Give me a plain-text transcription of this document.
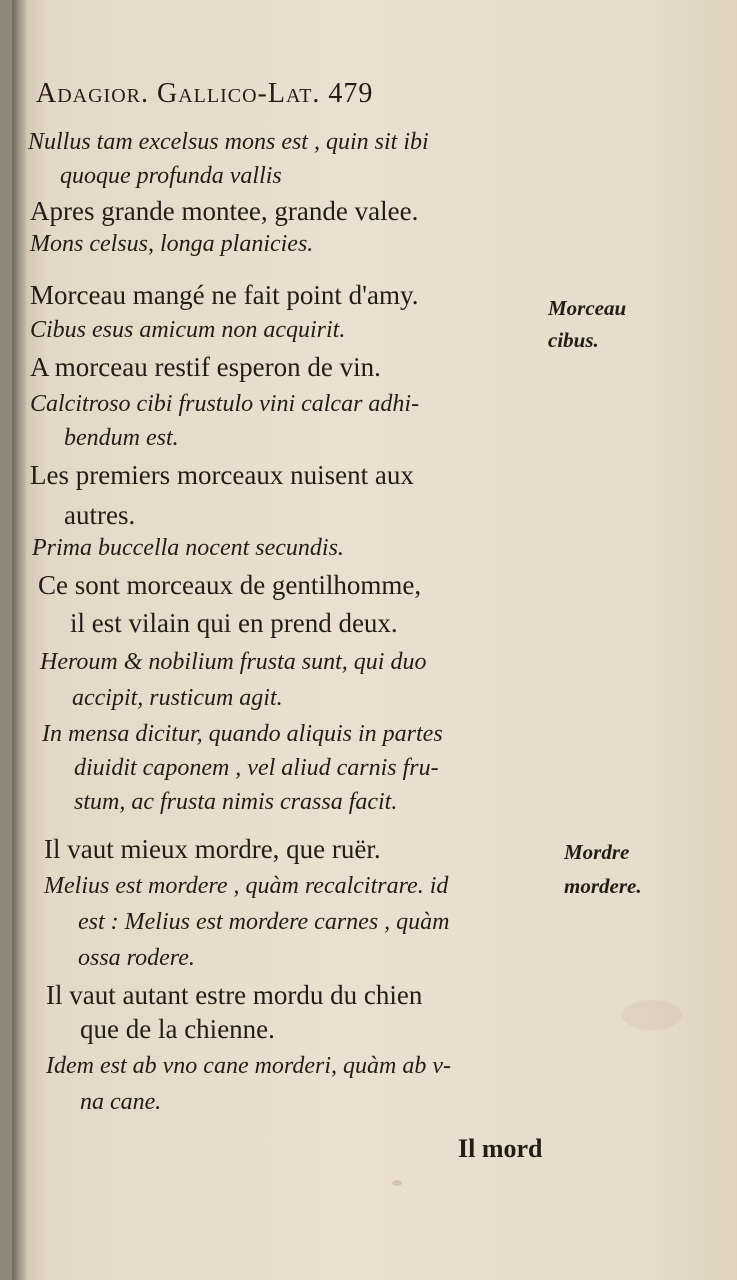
Adagior. Gallico-Lat. 479
Nullus tam excelsus mons est , quin sit ibi
quoque profunda vallis
Apres grande montee, grande valee.
Mons celsus, longa planicies.
Morceau mangé ne fait point d'amy.
Cibus esus amicum non acquirit.
A morceau restif esperon de vin.
Calcitroso cibi frustulo vini calcar adhi-
bendum est.
Les premiers morceaux nuisent aux
autres.
Prima buccella nocent secundis.
Ce sont morceaux de gentilhomme,
il est vilain qui en prend deux.
Heroum & nobilium frusta sunt, qui duo
accipit, rusticum agit.
In mensa dicitur, quando aliquis in partes
diuidit caponem , vel aliud carnis fru-
stum, ac frusta nimis crassa facit.
Il vaut mieux mordre, que ruër.
Melius est mordere , quàm recalcitrare. id
est : Melius est mordere carnes , quàm
ossa rodere.
Il vaut autant estre mordu du chien
que de la chienne.
Idem est ab vno cane morderi, quàm ab v-
na cane.
Morceau
cibus.
Mordre
mordere.
Il mord
